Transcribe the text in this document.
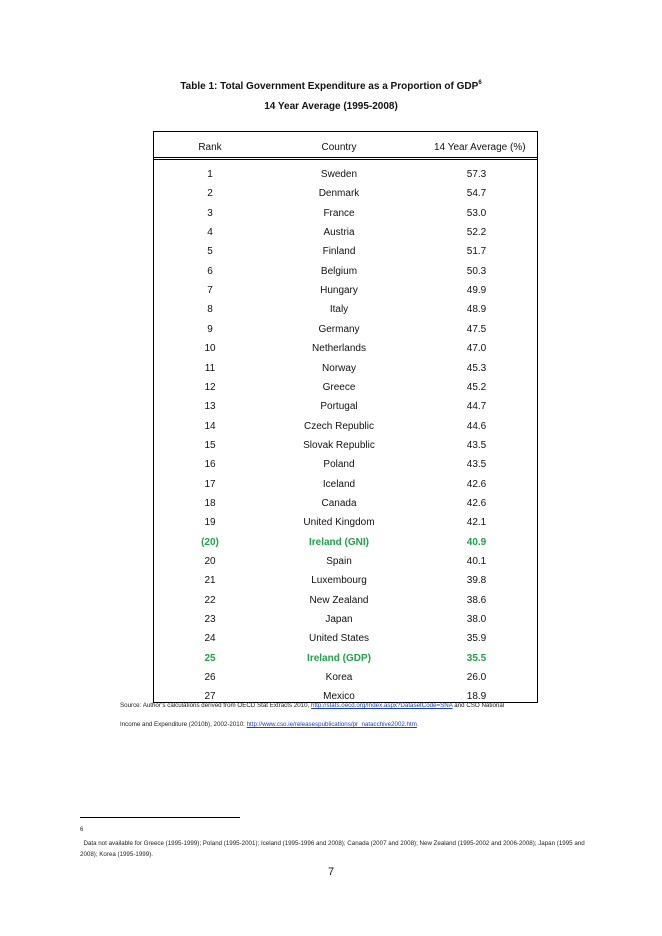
Table 1: Total Government Expenditure as a Proportion of GDP$^6$
14 Year Average (1995-2008)
Rank	Country	14 Year Average (%)
1	Sweden	57.3
2	Denmark	54.7
3	France	53.0
4	Austria	52.2
5	Finland	51.7
6	Belgium	50.3
7	Hungary	49.9
8	Italy	48.9
9	Germany	47.5
10	Netherlands	47.0
11	Norway	45.3
12	Greece	45.2
13	Portugal	44.7
14	Czech Republic	44.6
15	Slovak Republic	43.5
16	Poland	43.5
17	Iceland	42.6
18	Canada	42.6
19	United Kingdom	42.1
(20)	Ireland (GNI)	40.9
20	Spain	40.1
21	Luxembourg	39.8
22	New Zealand	38.6
23	Japan	38.0
24	United States	35.9
25	Ireland (GDP)	35.5
26	Korea	26.0
27	Mexico	18.9
Source: Author’s calculations derived from OECD Stat Extracts 2010, http://stats.oecd.org/Index.aspx?DatasetCode=SNA and CSO National
Income and Expenditure (2010b), 2002-2010: http://www.cso.ie/releasespublications/pr_natacchive2002.htm
$^6$
Data not available for Greece (1995-1999); Poland (1995-2001); Iceland (1995-1996 and 2008); Canada (2007 and 2008); New Zealand (1995-2002 and 2006-2008); Japan (1995 and 2008); Korea (1995-1999).
7
